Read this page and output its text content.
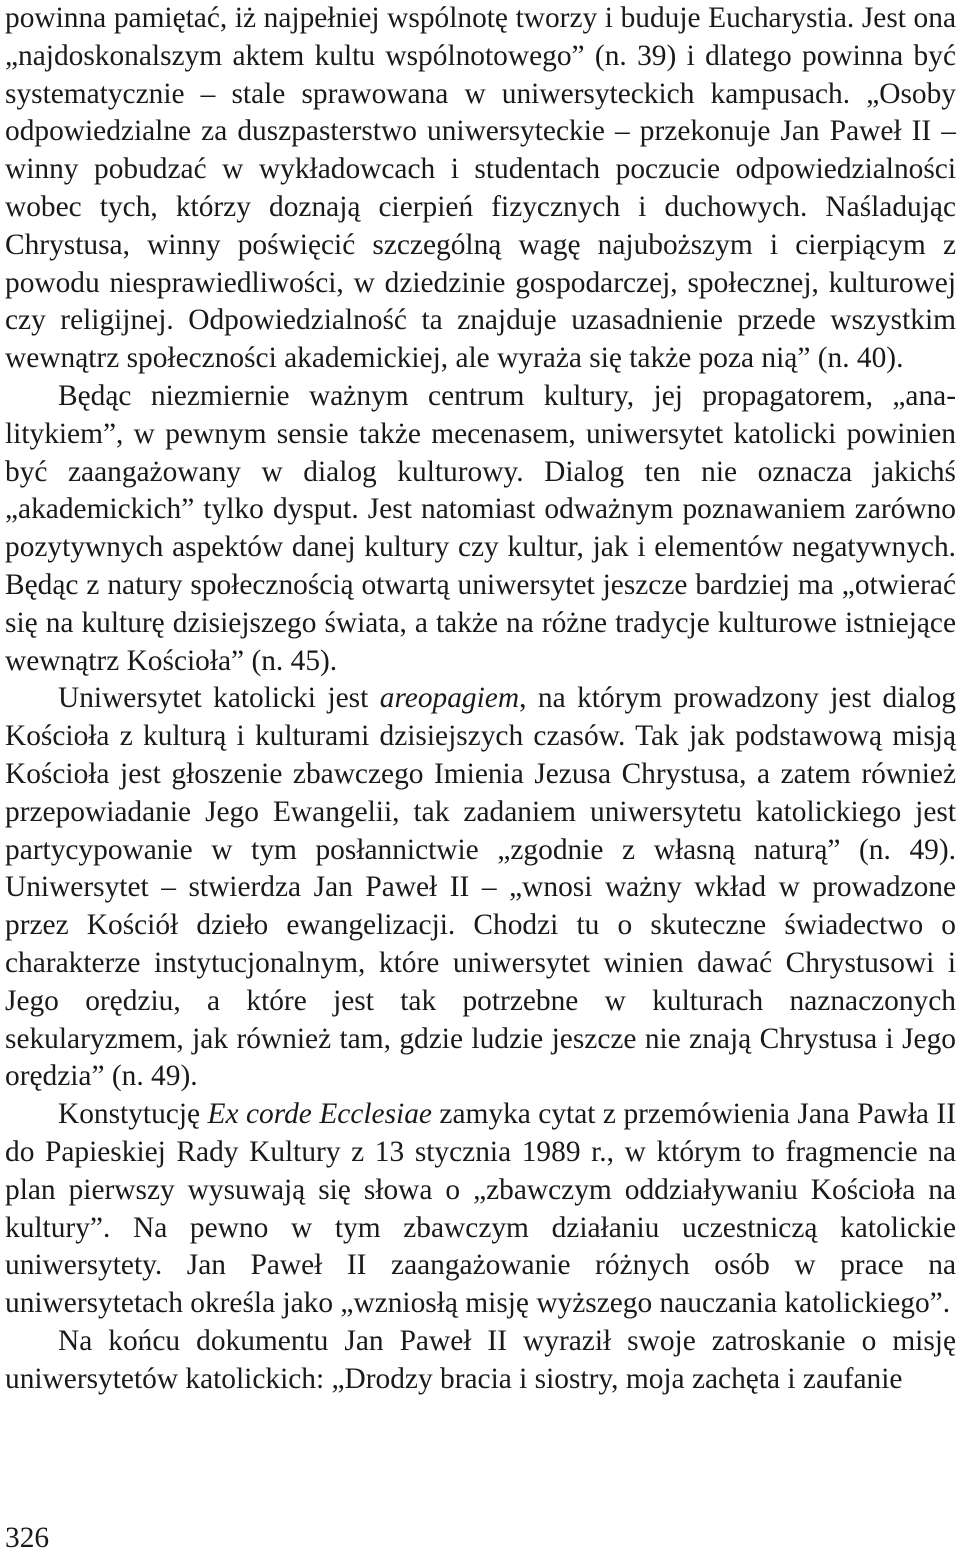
powinna pamiętać, iż najpełniej wspólnotę tworzy i buduje Eucharystia. Jest ona „najdoskonalszym aktem kultu wspólnotowego” (n. 39) i dlatego powinna być systematycznie – stale sprawowana w uniwersyteckich kampusach. „Osoby odpowiedzialne za duszpasterstwo uniwersyteckie – przekonuje Jan Paweł II – winny pobudzać w wykładowcach i studentach poczucie odpowiedzialności wobec tych, którzy doznają cierpień fizycznych i duchowych. Naśladując Chrystusa, winny poświęcić szczególną wagę najuboższym i cierpiącym z powodu niesprawiedliwości, w dziedzinie gospodarczej, społecznej, kulturowej czy religijnej. Odpowiedzialność ta znajduje uzasadnienie przede wszystkim wewnątrz społeczności akademickiej, ale wyraża się także poza nią” (n. 40).

Będąc niezmiernie ważnym centrum kultury, jej propagatorem, „analitykiem”, w pewnym sensie także mecenasem, uniwersytet katolicki powinien być zaangażowany w dialog kulturowy. Dialog ten nie oznacza jakichś „akademickich” tylko dysput. Jest natomiast odważnym poznawaniem zarówno pozytywnych aspektów danej kultury czy kultur, jak i elementów negatywnych. Będąc z natury społecznością otwartą uniwersytet jeszcze bardziej ma „otwierać się na kulturę dzisiejszego świata, a także na różne tradycje kulturowe istniejące wewnątrz Kościoła” (n. 45).

Uniwersytet katolicki jest areopagiem, na którym prowadzony jest dialog Kościoła z kulturą i kulturami dzisiejszych czasów. Tak jak podstawową misją Kościoła jest głoszenie zbawczego Imienia Jezusa Chrystusa, a zatem również przepowiadanie Jego Ewangelii, tak zadaniem uniwersytetu katolickiego jest partycypowanie w tym posłannictwie „zgodnie z własną naturą” (n. 49). Uniwersytet – stwierdza Jan Paweł II – „wnosi ważny wkład w prowadzone przez Kościół dzieło ewangelizacji. Chodzi tu o skuteczne świadectwo o charakterze instytucjonalnym, które uniwersytet winien dawać Chrystusowi i Jego orędziu, a które jest tak potrzebne w kulturach naznaczonych sekularyzmem, jak również tam, gdzie ludzie jeszcze nie znają Chrystusa i Jego orędzia” (n. 49).

Konstytucję Ex corde Ecclesiae zamyka cytat z przemówienia Jana Pawła II do Papieskiej Rady Kultury z 13 stycznia 1989 r., w którym to fragmencie na plan pierwszy wysuwają się słowa o „zbawczym oddziaływaniu Kościoła na kultury”. Na pewno w tym zbawczym działaniu uczestniczą katolickie uniwersytety. Jan Paweł II zaangażowanie różnych osób w prace na uniwersytetach określa jako „wzniosłą misję wyższego nauczania katolickiego”.

Na końcu dokumentu Jan Paweł II wyraził swoje zatroskanie o misję uniwersytetów katolickich: „Drodzy bracia i siostry, moja zachęta i zaufanie

326
